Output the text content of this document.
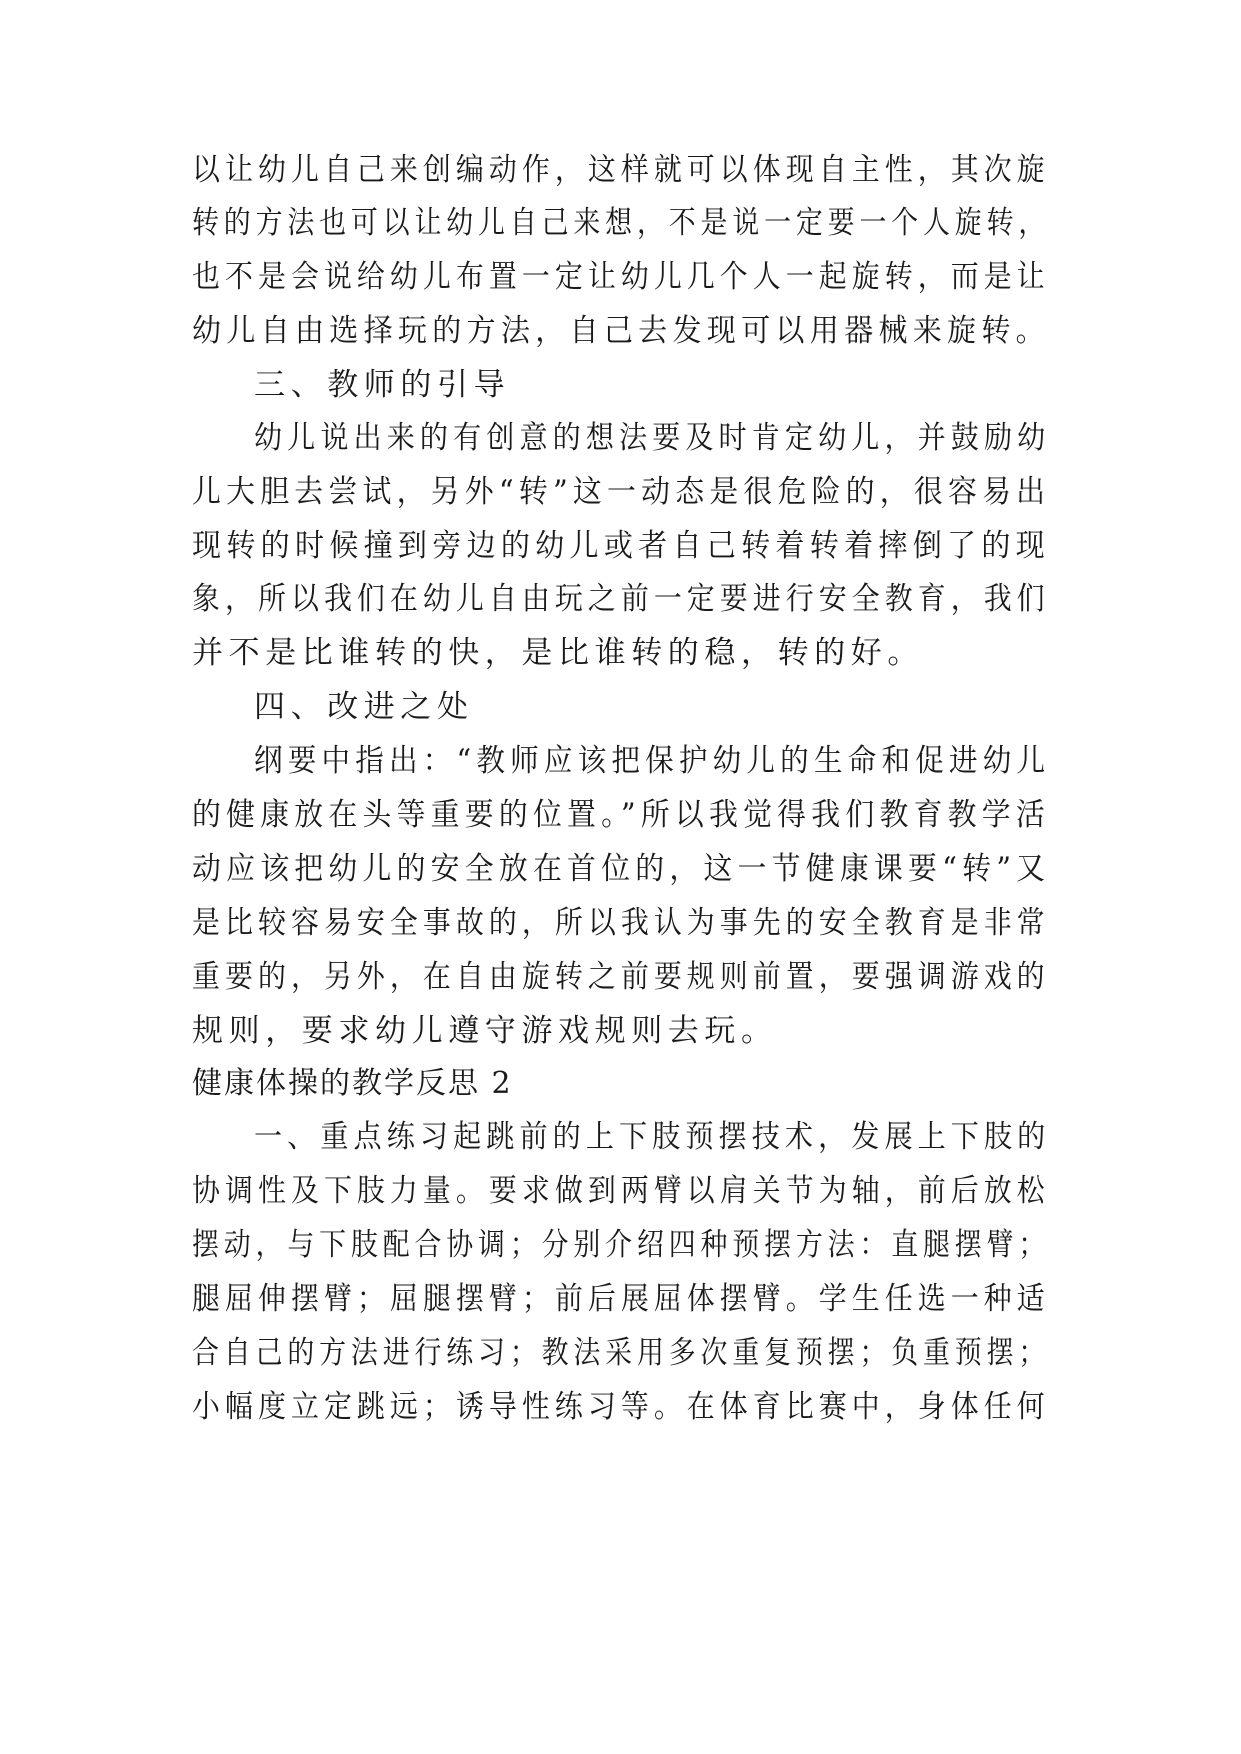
以让幼儿自己来创编动作，这样就可以体现自主性，其次旋
转的方法也可以让幼儿自己来想，不是说一定要一个人旋转，
也不是会说给幼儿布置一定让幼儿几个人一起旋转，而是让
幼儿自由选择玩的方法，自己去发现可以用器械来旋转。
三、教师的引导
幼儿说出来的有创意的想法要及时肯定幼儿，并鼓励幼
儿大胆去尝试，另外“转”这一动态是很危险的，很容易出
现转的时候撞到旁边的幼儿或者自己转着转着摔倒了的现
象，所以我们在幼儿自由玩之前一定要进行安全教育，我们
并不是比谁转的快，是比谁转的稳，转的好。
四、改进之处
纲要中指出：“教师应该把保护幼儿的生命和促进幼儿
的健康放在头等重要的位置。”所以我觉得我们教育教学活
动应该把幼儿的安全放在首位的，这一节健康课要“转”又
是比较容易安全事故的，所以我认为事先的安全教育是非常
重要的，另外，在自由旋转之前要规则前置，要强调游戏的
规则，要求幼儿遵守游戏规则去玩。
健康体操的教学反思 2
一、重点练习起跳前的上下肢预摆技术，发展上下肢的
协调性及下肢力量。要求做到两臂以肩关节为轴，前后放松
摆动，与下肢配合协调；分别介绍四种预摆方法：直腿摆臂；
腿屈伸摆臂；屈腿摆臂；前后展屈体摆臂。学生任选一种适
合自己的方法进行练习；教法采用多次重复预摆；负重预摆；
小幅度立定跳远；诱导性练习等。在体育比赛中，身体任何
